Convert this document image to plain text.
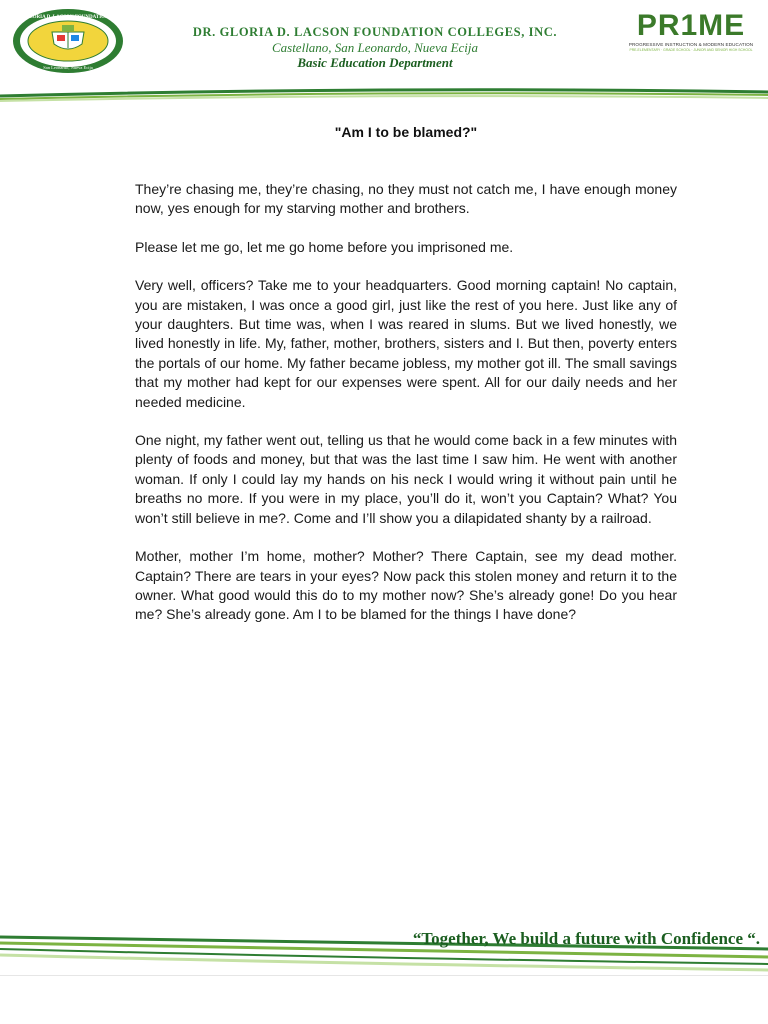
DR. GLORIA D. LACSON FOUNDATION, INC
San Leonardo, Nueva Ecija

DR. GLORIA D. LACSON FOUNDATION COLLEGES, INC.

Castellano, San Leonardo, Nueva Ecija

Basic Education Department

PR1ME
PROGRESSIVE INSTRUCTION & MODERN EDUCATION
PRE-ELEMENTARY · GRADE SCHOOL · JUNIOR AND SENIOR HIGH SCHOOL
"Am I to be blamed?"

They’re chasing me, they’re chasing, no they must not catch me, I have enough money now, yes enough for my starving mother and brothers.

Please let me go, let me go home before you imprisoned me.

Very well, officers? Take me to your headquarters. Good morning captain! No captain, you are mistaken, I was once a good girl, just like the rest of you here. Just like any of your daughters. But time was, when I was reared in slums. But we lived honestly, we lived honestly in life. My, father, mother, brothers, sisters and I. But then, poverty enters the portals of our home. My father became jobless, my mother got ill. The small savings that my mother had kept for our expenses were spent. All for our daily needs and her needed medicine.

One night, my father went out, telling us that he would come back in a few minutes with plenty of foods and money, but that was the last time I saw him. He went with another woman. If only I could lay my hands on his neck I would wring it without pain until he breaths no more. If you were in my place, you’ll do it, won’t you Captain? What? You won’t still believe in me?. Come and I’ll show you a dilapidated shanty by a railroad.

Mother, mother I’m home, mother? Mother? There Captain, see my dead mother. Captain? There are tears in your eyes? Now pack this stolen money and return it to the owner. What good would this do to my mother now? She’s already gone! Do you hear me? She’s already gone. Am I to be blamed for the things I have done?

“Together, We build a future with Confidence “.
